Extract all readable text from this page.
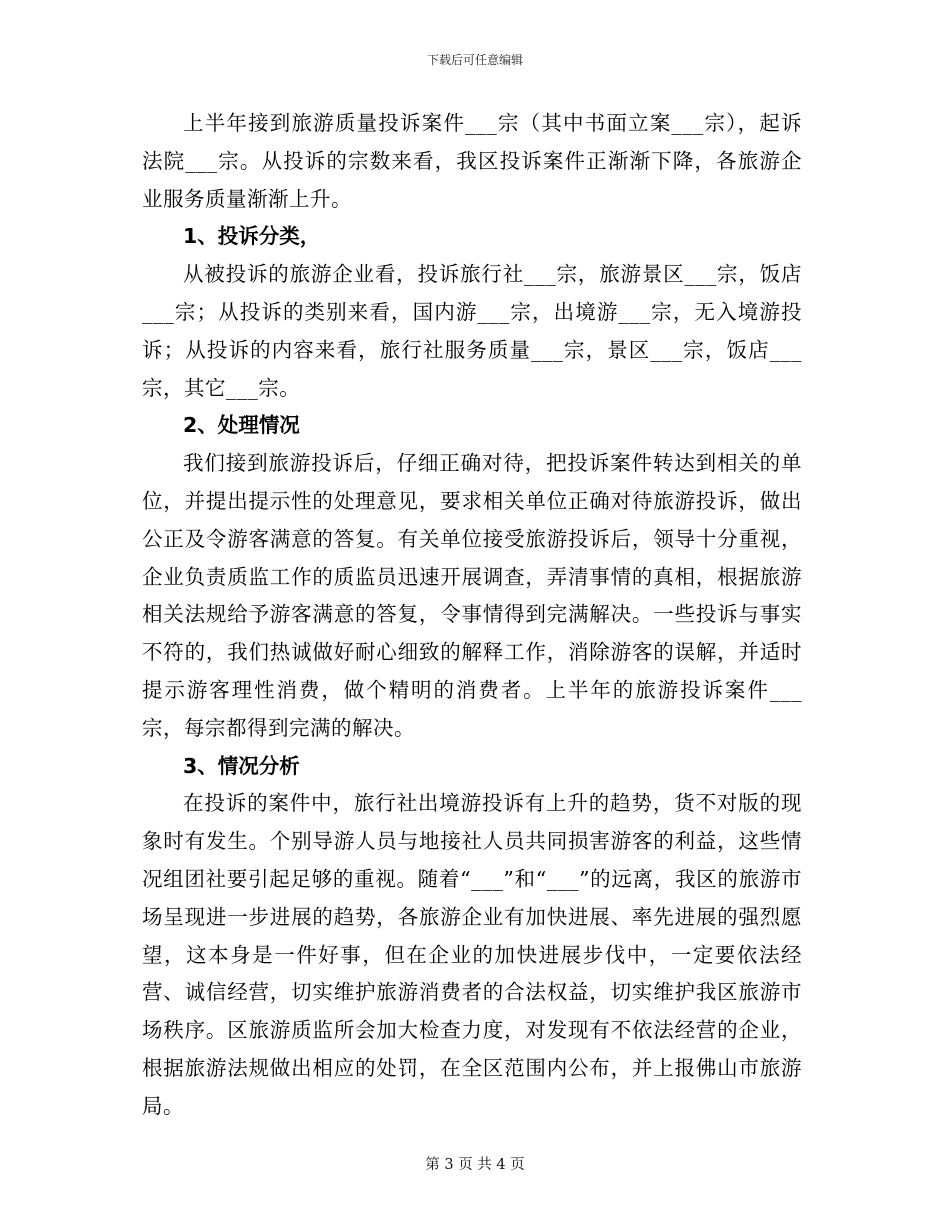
下载后可任意编辑

上半年接到旅游质量投诉案件___宗（其中书面立案___宗），起诉法院___宗。从投诉的宗数来看，我区投诉案件正渐渐下降，各旅游企业服务质量渐渐上升。

1、投诉分类，

从被投诉的旅游企业看，投诉旅行社___宗，旅游景区___宗，饭店___宗；从投诉的类别来看，国内游___宗，出境游___宗，无入境游投诉；从投诉的内容来看，旅行社服务质量___宗，景区___宗，饭店___宗，其它___宗。

2、处理情况

我们接到旅游投诉后，仔细正确对待，把投诉案件转达到相关的单位，并提出提示性的处理意见，要求相关单位正确对待旅游投诉，做出公正及令游客满意的答复。有关单位接受旅游投诉后，领导十分重视，企业负责质监工作的质监员迅速开展调查，弄清事情的真相，根据旅游相关法规给予游客满意的答复，令事情得到完满解决。一些投诉与事实不符的，我们热诚做好耐心细致的解释工作，消除游客的误解，并适时提示游客理性消费，做个精明的消费者。上半年的旅游投诉案件___宗，每宗都得到完满的解决。

3、情况分析

在投诉的案件中，旅行社出境游投诉有上升的趋势，货不对版的现象时有发生。个别导游人员与地接社人员共同损害游客的利益，这些情况组团社要引起足够的重视。随着“___”和“___”的远离，我区的旅游市场呈现进一步进展的趋势，各旅游企业有加快进展、率先进展的强烈愿望，这本身是一件好事，但在企业的加快进展步伐中，一定要依法经营、诚信经营，切实维护旅游消费者的合法权益，切实维护我区旅游市场秩序。区旅游质监所会加大检查力度，对发现有不依法经营的企业，根据旅游法规做出相应的处罚，在全区范围内公布，并上报佛山市旅游局。

第 3 页 共 4 页
